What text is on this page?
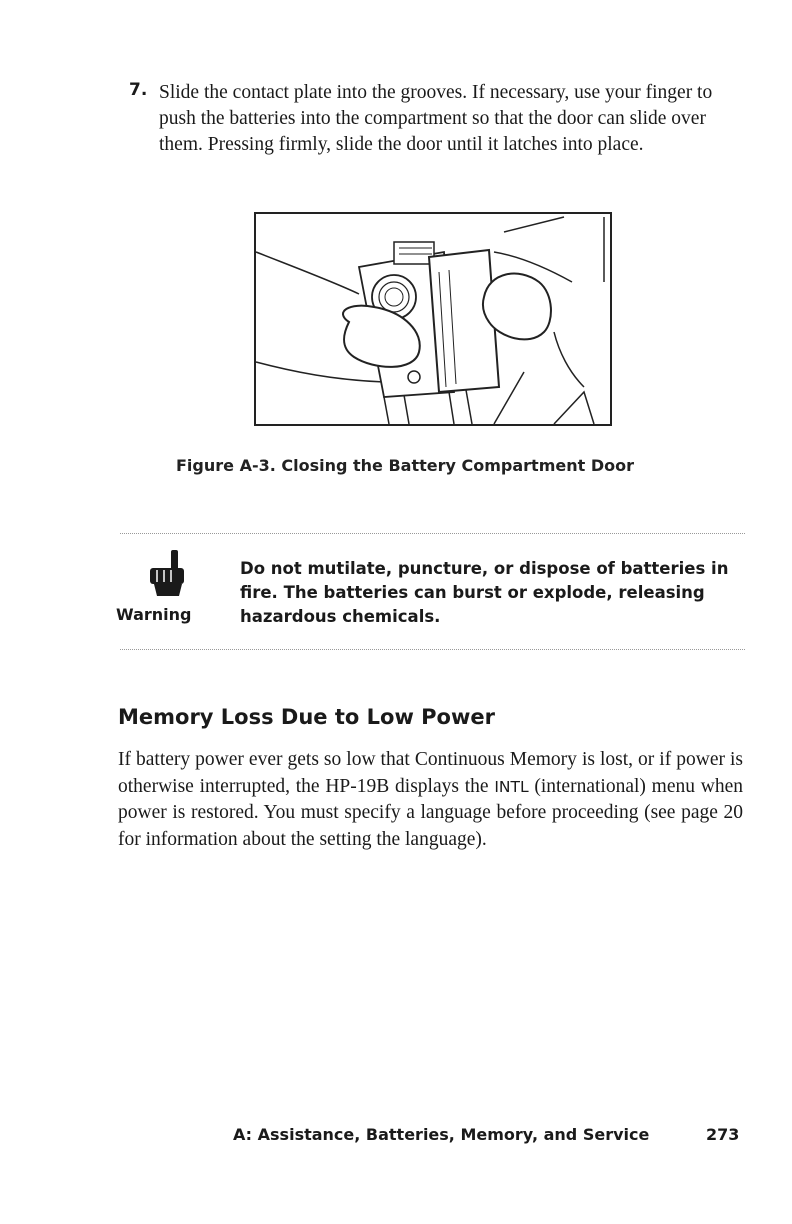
7. Slide the contact plate into the grooves. If necessary, use your finger to push the batteries into the compartment so that the door can slide over them. Pressing firmly, slide the door until it latches into place.
Figure A-3. Closing the Battery Compartment Door
Warning
Do not mutilate, puncture, or dispose of batteries in fire. The batteries can burst or explode, releasing hazardous chemicals.
Memory Loss Due to Low Power
If battery power ever gets so low that Continuous Memory is lost, or if power is otherwise interrupted, the HP-19B displays the INTL (international) menu when power is restored. You must specify a language before proceeding (see page 20 for information about the setting the language).
A: Assistance, Batteries, Memory, and Service	273
